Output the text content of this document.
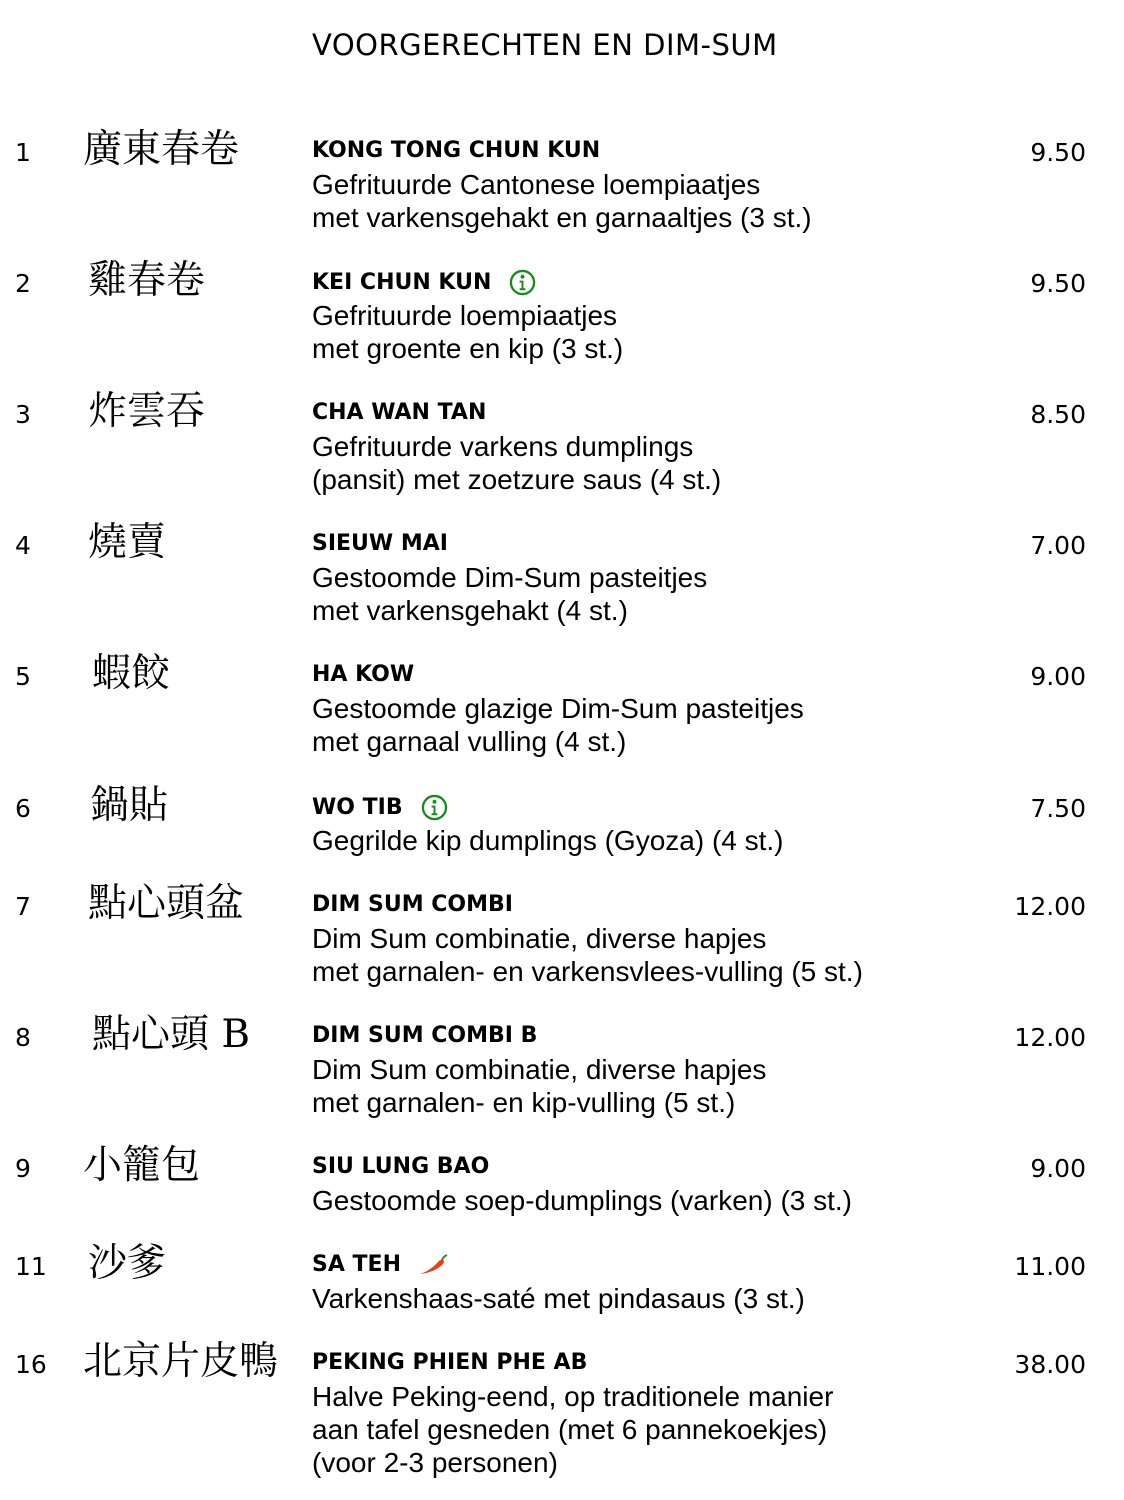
VOORGERECHTEN EN DIM-SUM
1 廣東春卷	KONG TONG CHUN KUN
Gefrituurde Cantonese loempiaatjes
met varkensgehakt en garnaaltjes (3 st.)
9.50
2 雞春卷	KEI CHUN KUN
Gefrituurde loempiaatjes
met groente en kip (3 st.)
9.50
3 炸雲吞	CHA WAN TAN
Gefrituurde varkens dumplings
(pansit) met zoetzure saus (4 st.)
8.50
4 燒賣	SIEUW MAI
Gestoomde Dim-Sum pasteitjes
met varkensgehakt (4 st.)
7.00
5 蝦餃	HA KOW
Gestoomde glazige Dim-Sum pasteitjes
met garnaal vulling (4 st.)
9.00
6 鍋貼	WO TIB
Gegrilde kip dumplings (Gyoza) (4 st.)
7.50
7 點心頭盆	DIM SUM COMBI
Dim Sum combinatie, diverse hapjes
met garnalen- en varkensvlees-vulling (5 st.)
12.00
8 點心頭 B	DIM SUM COMBI B
Dim Sum combinatie, diverse hapjes
met garnalen- en kip-vulling (5 st.)
12.00
9 小籠包	SIU LUNG BAO
Gestoomde soep-dumplings (varken) (3 st.)
9.00
11 沙爹	SA TEH
Varkenshaas-saté met pindasaus (3 st.)
11.00
16 北京片皮鴨 PEKING PHIEN PHE AB
Halve Peking-eend, op traditionele manier
aan tafel gesneden (met 6 pannekoekjes)
(voor 2-3 personen)
38.00
